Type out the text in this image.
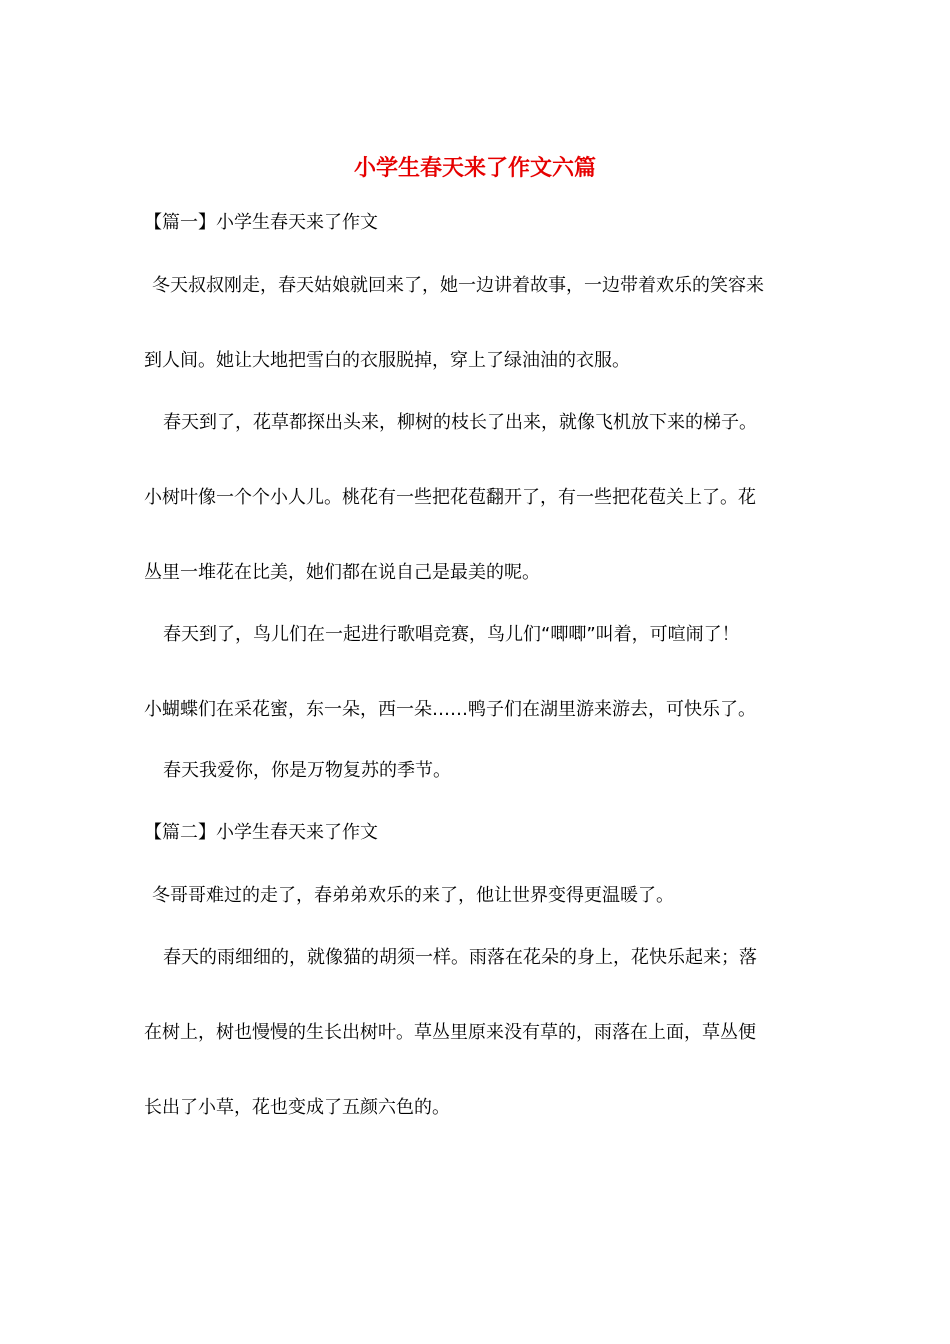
小学生春天来了作文六篇

【篇一】小学生春天来了作文

冬天叔叔刚走，春天姑娘就回来了，她一边讲着故事，一边带着欢乐的笑容来

到人间。她让大地把雪白的衣服脱掉，穿上了绿油油的衣服。

春天到了，花草都探出头来，柳树的枝长了出来，就像飞机放下来的梯子。

小树叶像一个个小人儿。桃花有一些把花苞翻开了，有一些把花苞关上了。花

丛里一堆花在比美，她们都在说自己是最美的呢。

春天到了，鸟儿们在一起进行歌唱竞赛，鸟儿们“唧唧”叫着，可喧闹了！

小蝴蝶们在采花蜜，东一朵，西一朵……鸭子们在湖里游来游去，可快乐了。

春天我爱你，你是万物复苏的季节。

【篇二】小学生春天来了作文

冬哥哥难过的走了，春弟弟欢乐的来了，他让世界变得更温暖了。

春天的雨细细的，就像猫的胡须一样。雨落在花朵的身上，花快乐起来；落

在树上，树也慢慢的生长出树叶。草丛里原来没有草的，雨落在上面，草丛便

长出了小草，花也变成了五颜六色的。
